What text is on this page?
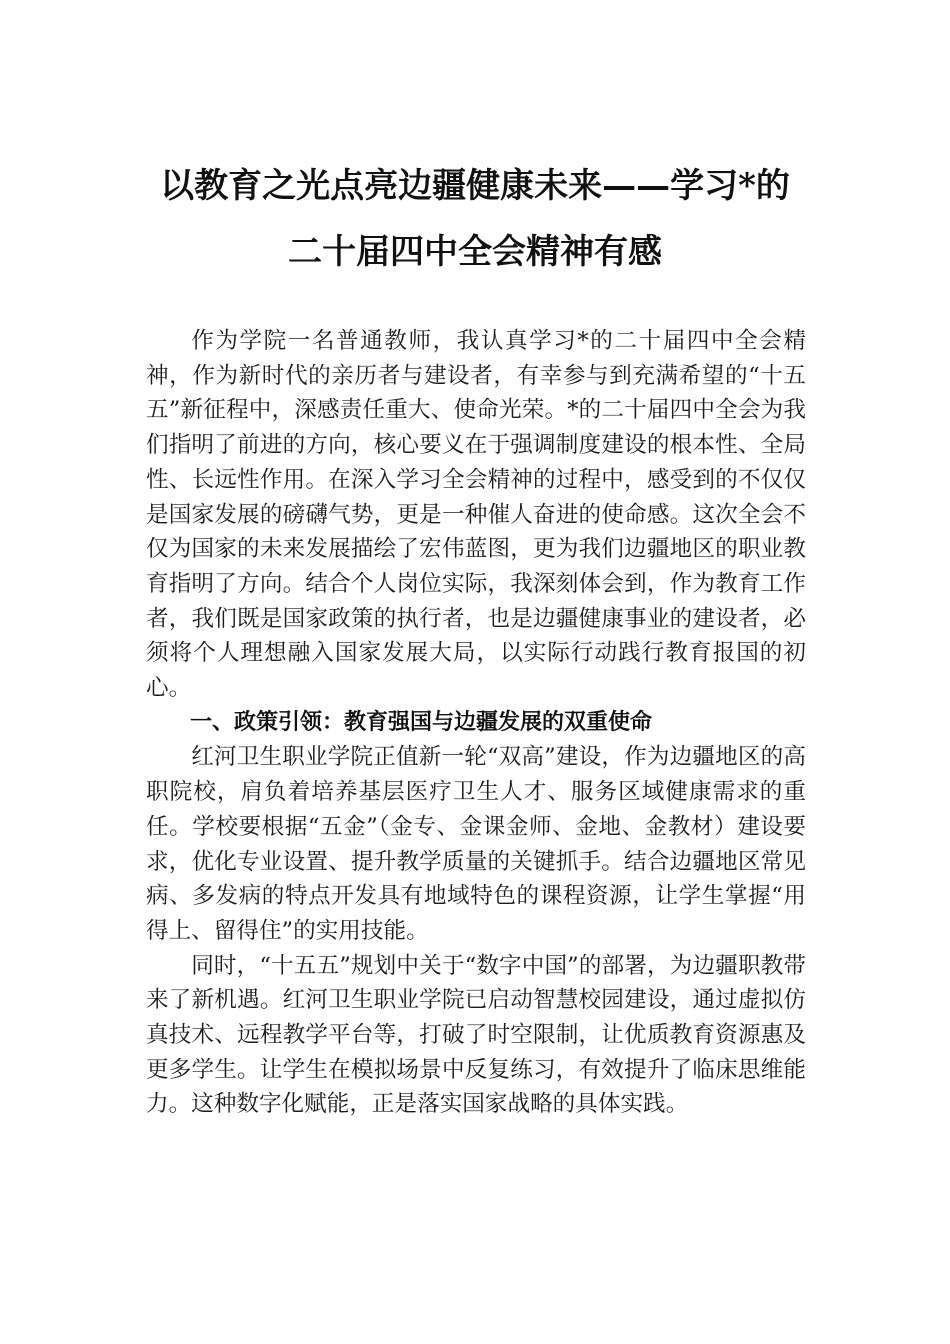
以教育之光点亮边疆健康未来——学习*的
二十届四中全会精神有感

作为学院一名普通教师，我认真学习*的二十届四中全会精神，作为新时代的亲历者与建设者，有幸参与到充满希望的“十五五”新征程中，深感责任重大、使命光荣。*的二十届四中全会为我们指明了前进的方向，核心要义在于强调制度建设的根本性、全局性、长远性作用。在深入学习全会精神的过程中，感受到的不仅仅是国家发展的磅礴气势，更是一种催人奋进的使命感。这次全会不仅为国家的未来发展描绘了宏伟蓝图，更为我们边疆地区的职业教育指明了方向。结合个人岗位实际，我深刻体会到，作为教育工作者，我们既是国家政策的执行者，也是边疆健康事业的建设者，必须将个人理想融入国家发展大局，以实际行动践行教育报国的初心。

一、政策引领：教育强国与边疆发展的双重使命

红河卫生职业学院正值新一轮“双高”建设，作为边疆地区的高职院校，肩负着培养基层医疗卫生人才、服务区域健康需求的重任。学校要根据“五金”（金专、金课金师、金地、金教材）建设要求，优化专业设置、提升教学质量的关键抓手。结合边疆地区常见病、多发病的特点开发具有地域特色的课程资源，让学生掌握“用得上、留得住”的实用技能。

同时，“十五五”规划中关于“数字中国”的部署，为边疆职教带来了新机遇。红河卫生职业学院已启动智慧校园建设，通过虚拟仿真技术、远程教学平台等，打破了时空限制，让优质教育资源惠及更多学生。让学生在模拟场景中反复练习，有效提升了临床思维能力。这种数字化赋能，正是落实国家战略的具体实践。
